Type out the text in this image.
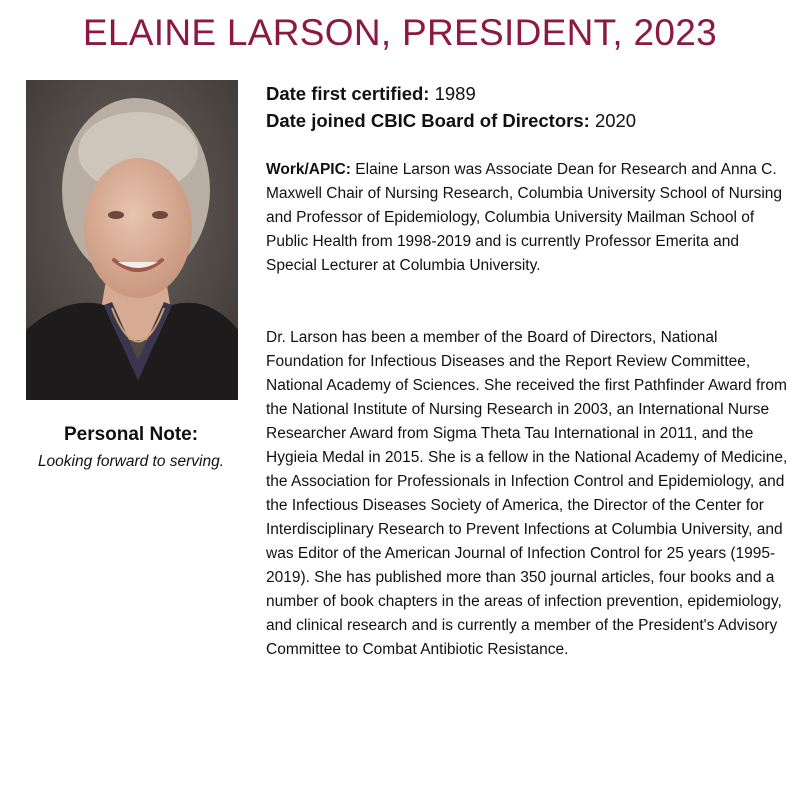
ELAINE LARSON, PRESIDENT, 2023
Personal Note:
Looking forward to serving.
Date first certified: 1989
Date joined CBIC Board of Directors: 2020

Work/APIC: Elaine Larson was Associate Dean for Research and Anna C. Maxwell Chair of Nursing Research, Columbia University School of Nursing and Professor of Epidemiology, Columbia University Mailman School of Public Health from 1998-2019 and is currently Professor Emerita and Special Lecturer at Columbia University.

Dr. Larson has been a member of the Board of Directors, National Foundation for Infectious Diseases and the Report Review Committee, National Academy of Sciences. She received the first Pathfinder Award from the National Institute of Nursing Research in 2003, an International Nurse Researcher Award from Sigma Theta Tau International in 2011, and the Hygieia Medal in 2015. She is a fellow in the National Academy of Medicine, the Association for Professionals in Infection Control and Epidemiology, and the Infectious Diseases Society of America, the Director of the Center for Interdisciplinary Research to Prevent Infections at Columbia University, and was Editor of the American Journal of Infection Control for 25 years (1995-2019). She has published more than 350 journal articles, four books and a number of book chapters in the areas of infection prevention, epidemiology, and clinical research and is currently a member of the President's Advisory Committee to Combat Antibiotic Resistance.
